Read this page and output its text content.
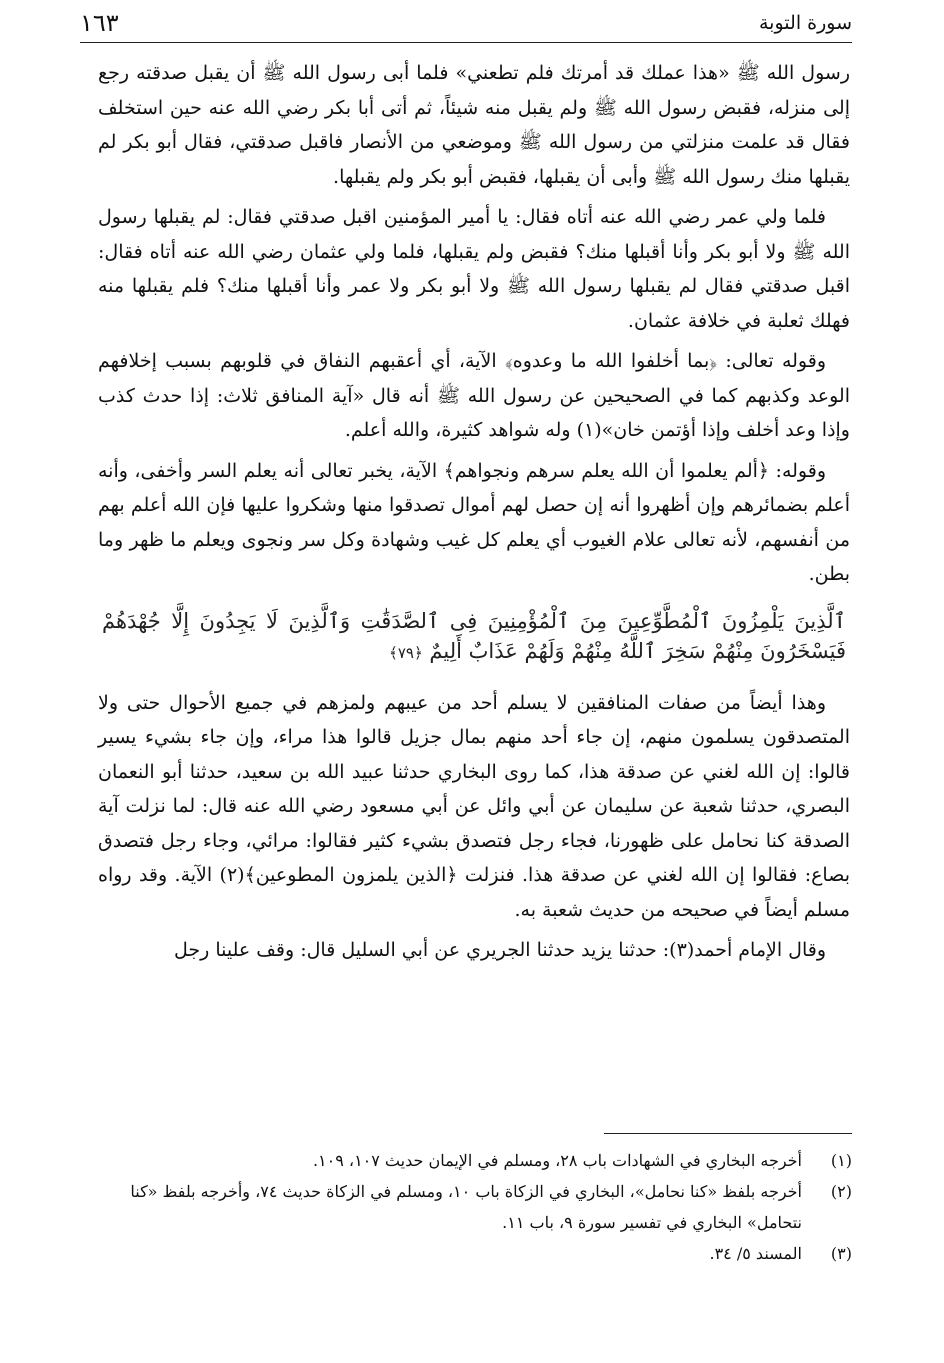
سورة التوبة
١٦٣

رسول الله ﷺ «هذا عملك قد أمرتك فلم تطعني» فلما أبى رسول الله ﷺ أن يقبل صدقته رجع إلى منزله، فقبض رسول الله ﷺ ولم يقبل منه شيئاً، ثم أتى أبا بكر رضي الله عنه حين استخلف فقال قد علمت منزلتي من رسول الله ﷺ وموضعي من الأنصار فاقبل صدقتي، فقال أبو بكر لم يقبلها منك رسول الله ﷺ وأبى أن يقبلها، فقبض أبو بكر ولم يقبلها.

فلما ولي عمر رضي الله عنه أتاه فقال: يا أمير المؤمنين اقبل صدقتي فقال: لم يقبلها رسول الله ﷺ ولا أبو بكر وأنا أقبلها منك؟ فقبض ولم يقبلها، فلما ولي عثمان رضي الله عنه أتاه فقال: اقبل صدقتي فقال لم يقبلها رسول الله ﷺ ولا أبو بكر ولا عمر وأنا أقبلها منك؟ فلم يقبلها منه فهلك ثعلبة في خلافة عثمان.

وقوله تعالى: ﴿بما أخلفوا الله ما وعدوه﴾ الآية، أي أعقبهم النفاق في قلوبهم بسبب إخلافهم الوعد وكذبهم كما في الصحيحين عن رسول الله ﷺ أنه قال «آية المنافق ثلاث: إذا حدث كذب وإذا وعد أخلف وإذا أؤتمن خان»(١) وله شواهد كثيرة، والله أعلم.

وقوله: ﴿ألم يعلموا أن الله يعلم سرهم ونجواهم﴾ الآية، يخبر تعالى أنه يعلم السر وأخفى، وأنه أعلم بضمائرهم وإن أظهروا أنه إن حصل لهم أموال تصدقوا منها وشكروا عليها فإن الله أعلم بهم من أنفسهم، لأنه تعالى علام الغيوب أي يعلم كل غيب وشهادة وكل سر ونجوى ويعلم ما ظهر وما بطن.

ٱلَّذِينَ يَلْمِزُونَ ٱلْمُطَّوِّعِينَ مِنَ ٱلْمُؤْمِنِينَ فِى ٱلصَّدَقَٰتِ وَٱلَّذِينَ لَا يَجِدُونَ إِلَّا جُهْدَهُمْ فَيَسْخَرُونَ مِنْهُمْ سَخِرَ ٱللَّهُ مِنْهُمْ وَلَهُمْ عَذَابٌ أَلِيمٌ ﴿٧٩﴾

وهذا أيضاً من صفات المنافقين لا يسلم أحد من عيبهم ولمزهم في جميع الأحوال حتى ولا المتصدقون يسلمون منهم، إن جاء أحد منهم بمال جزيل قالوا هذا مراء، وإن جاء بشيء يسير قالوا: إن الله لغني عن صدقة هذا، كما روى البخاري حدثنا عبيد الله بن سعيد، حدثنا أبو النعمان البصري، حدثنا شعبة عن سليمان عن أبي وائل عن أبي مسعود رضي الله عنه قال: لما نزلت آية الصدقة كنا نحامل على ظهورنا، فجاء رجل فتصدق بشيء كثير فقالوا: مرائي، وجاء رجل فتصدق بصاع: فقالوا إن الله لغني عن صدقة هذا. فنزلت ﴿الذين يلمزون المطوعين﴾(٢) الآية. وقد رواه مسلم أيضاً في صحيحه من حديث شعبة به.

وقال الإمام أحمد(٣): حدثنا يزيد حدثنا الجريري عن أبي السليل قال: وقف علينا رجل

(١)
أخرجه البخاري في الشهادات باب ٢٨، ومسلم في الإيمان حديث ١٠٧، ١٠٩.
(٢)
أخرجه بلفظ «كنا نحامل»، البخاري في الزكاة باب ١٠، ومسلم في الزكاة حديث ٧٤، وأخرجه بلفظ «كنا نتحامل» البخاري في تفسير سورة ٩، باب ١١.
(٣)
المسند ٥/ ٣٤.
